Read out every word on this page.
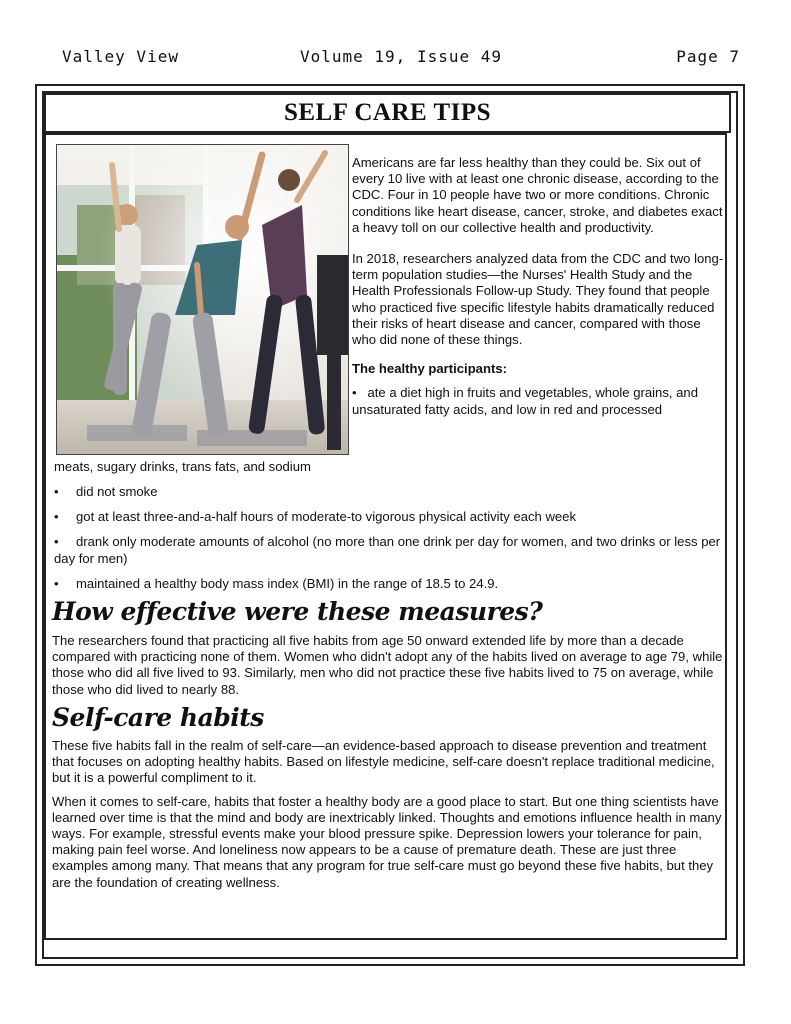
Valley View	Volume 19, Issue 49	Page 7
SELF CARE TIPS

Americans are far less healthy than they could be. Six out of every 10 live with at least one chronic disease, according to the CDC. Four in 10 people have two or more conditions. Chronic conditions like heart disease, cancer, stroke, and diabetes exact a heavy toll on our collective health and productivity.

In 2018, researchers analyzed data from the CDC and two long-term population studies—the Nurses' Health Study and the Health Professionals Follow-up Study. They found that people who practiced five specific lifestyle habits dramatically reduced their risks of heart disease and cancer, compared with those who did none of these things.

The healthy participants:
• ate a diet high in fruits and vegetables, whole grains, and unsaturated fatty acids, and low in red and processed
meats, sugary drinks, trans fats, and sodium
• did not smoke
• got at least three-and-a-half hours of moderate-to vigorous physical activity each week
• drank only moderate amounts of alcohol (no more than one drink per day for women, and two drinks or less per day for men)
• maintained a healthy body mass index (BMI) in the range of 18.5 to 24.9.
How effective were these measures?
The researchers found that practicing all five habits from age 50 onward extended life by more than a decade compared with practicing none of them. Women who didn't adopt any of the habits lived on average to age 79, while those who did all five lived to 93. Similarly, men who did not practice these five habits lived to 75 on average, while those who did lived to nearly 88.
Self-care habits

These five habits fall in the realm of self-care—an evidence-based approach to disease prevention and treatment that focuses on adopting healthy habits. Based on lifestyle medicine, self-care doesn't replace traditional medicine, but it is a powerful compliment to it.

When it comes to self-care, habits that foster a healthy body are a good place to start. But one thing scientists have learned over time is that the mind and body are inextricably linked. Thoughts and emotions influence health in many ways. For example, stressful events make your blood pressure spike. Depression lowers your tolerance for pain, making pain feel worse. And loneliness now appears to be a cause of premature death. These are just three examples among many. That means that any program for true self-care must go beyond these five habits, but they are the foundation of creating wellness.
